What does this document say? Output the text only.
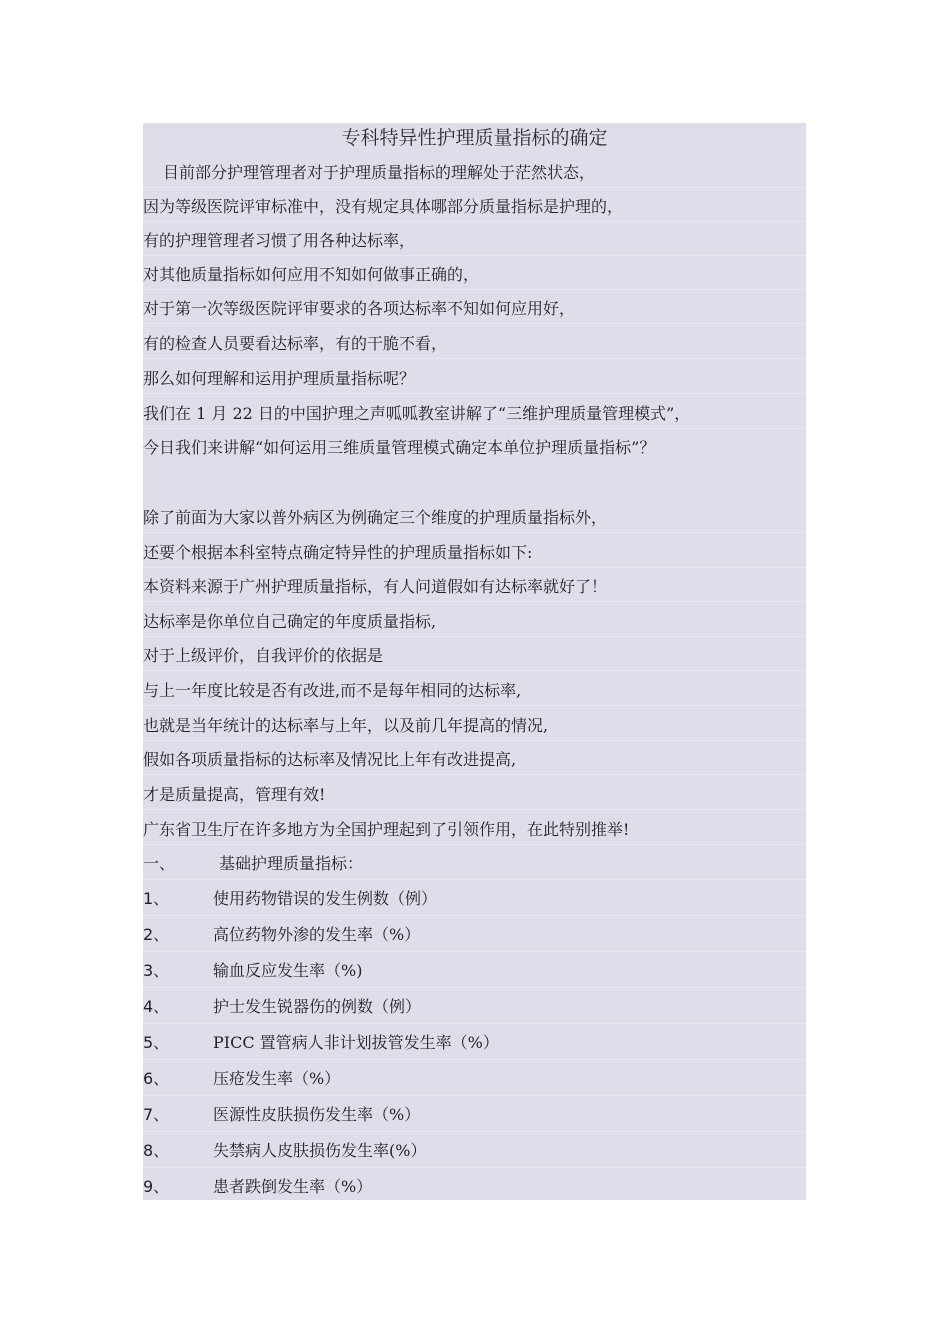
专科特异性护理质量指标的确定
目前部分护理管理者对于护理质量指标的理解处于茫然状态，
因为等级医院评审标准中，没有规定具体哪部分质量指标是护理的，
有的护理管理者习惯了用各种达标率，
对其他质量指标如何应用不知如何做事正确的，
对于第一次等级医院评审要求的各项达标率不知如何应用好，
有的检查人员要看达标率，有的干脆不看，
那么如何理解和运用护理质量指标呢？
我们在 1 月 22 日的中国护理之声呱呱教室讲解了“三维护理质量管理模式”，
今日我们来讲解“如何运用三维质量管理模式确定本单位护理质量指标”？
除了前面为大家以普外病区为例确定三个维度的护理质量指标外，
还要个根据本科室特点确定特异性的护理质量指标如下:
本资料来源于广州护理质量指标，有人问道假如有达标率就好了！
达标率是你单位自己确定的年度质量指标,
对于上级评价，自我评价的依据是
与上一年度比较是否有改进,而不是每年相同的达标率,
也就是当年统计的达标率与上年，以及前几年提高的情况,
假如各项质量指标的达标率及情况比上年有改进提高,
才是质量提高，管理有效!
广东省卫生厅在许多地方为全国护理起到了引领作用，在此特别推举!
一、	基础护理质量指标：
1、	使用药物错误的发生例数（例）
2、	高位药物外渗的发生率（%）
3、	输血反应发生率（%)
4、	护士发生锐器伤的例数（例）
5、	PICC 置管病人非计划拔管发生率（%）
6、	压疮发生率（%）
7、	医源性皮肤损伤发生率（%）
8、	失禁病人皮肤损伤发生率(%）
9、	患者跌倒发生率（%）
